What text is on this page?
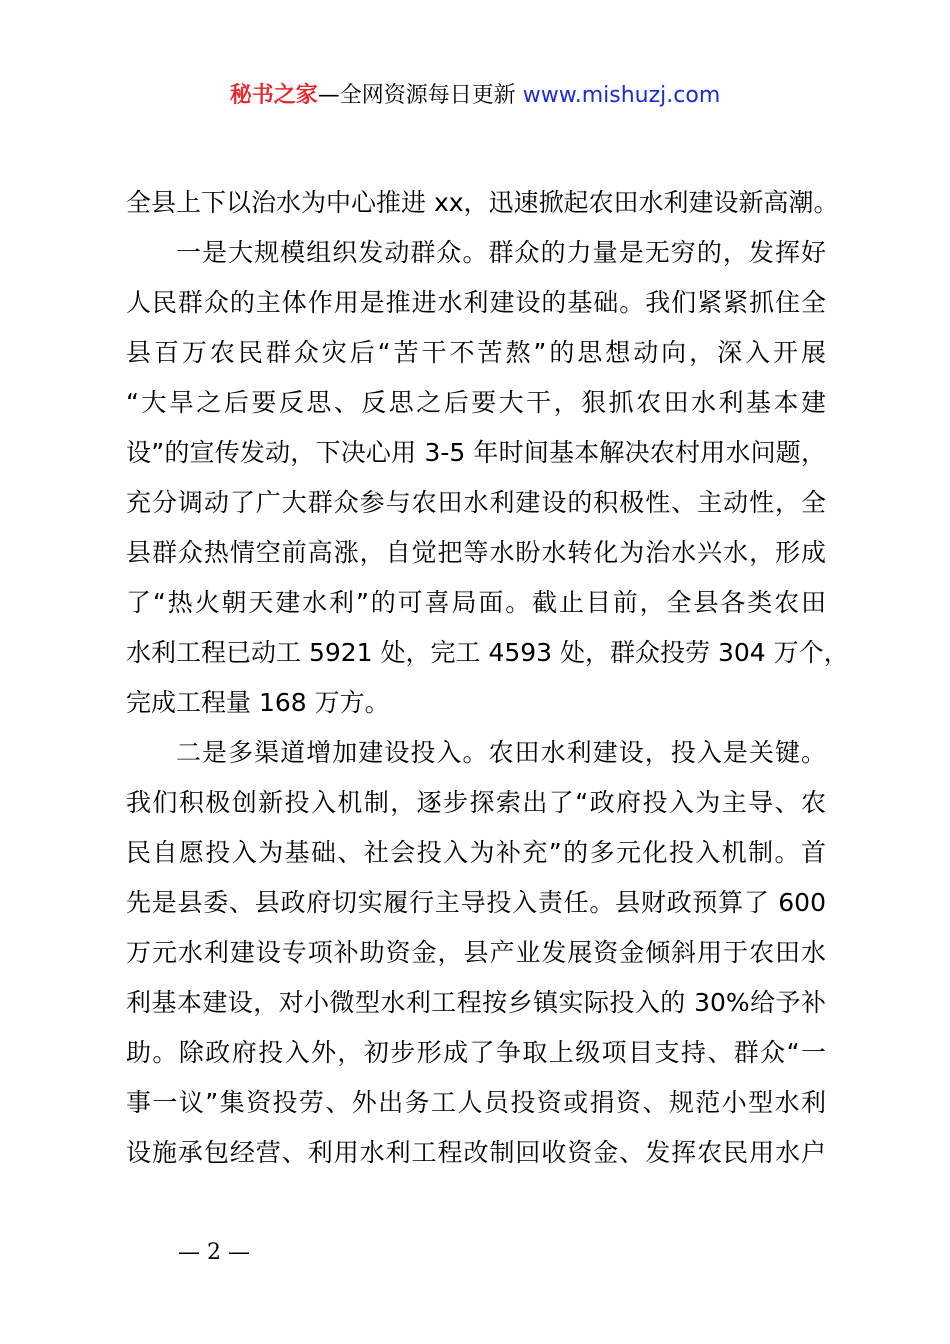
秘书之家—全网资源每日更新 www.mishuzj.com
全县上下以治水为中心推进 xx，迅速掀起农田水利建设新高潮。
一是大规模组织发动群众。群众的力量是无穷的，发挥好
人民群众的主体作用是推进水利建设的基础。我们紧紧抓住全
县百万农民群众灾后“苦干不苦熬”的思想动向，深入开展
“大旱之后要反思、反思之后要大干，狠抓农田水利基本建
设”的宣传发动，下决心用 3-5 年时间基本解决农村用水问题，
充分调动了广大群众参与农田水利建设的积极性、主动性，全
县群众热情空前高涨，自觉把等水盼水转化为治水兴水，形成
了“热火朝天建水利”的可喜局面。截止目前，全县各类农田
水利工程已动工 5921 处，完工 4593 处，群众投劳 304 万个，
完成工程量 168 万方。
二是多渠道增加建设投入。农田水利建设，投入是关键。
我们积极创新投入机制，逐步探索出了“政府投入为主导、农
民自愿投入为基础、社会投入为补充”的多元化投入机制。首
先是县委、县政府切实履行主导投入责任。县财政预算了 600
万元水利建设专项补助资金，县产业发展资金倾斜用于农田水
利基本建设，对小微型水利工程按乡镇实际投入的 30%给予补
助。除政府投入外，初步形成了争取上级项目支持、群众“一
事一议”集资投劳、外出务工人员投资或捐资、规范小型水利
设施承包经营、利用水利工程改制回收资金、发挥农民用水户
— 2 —
